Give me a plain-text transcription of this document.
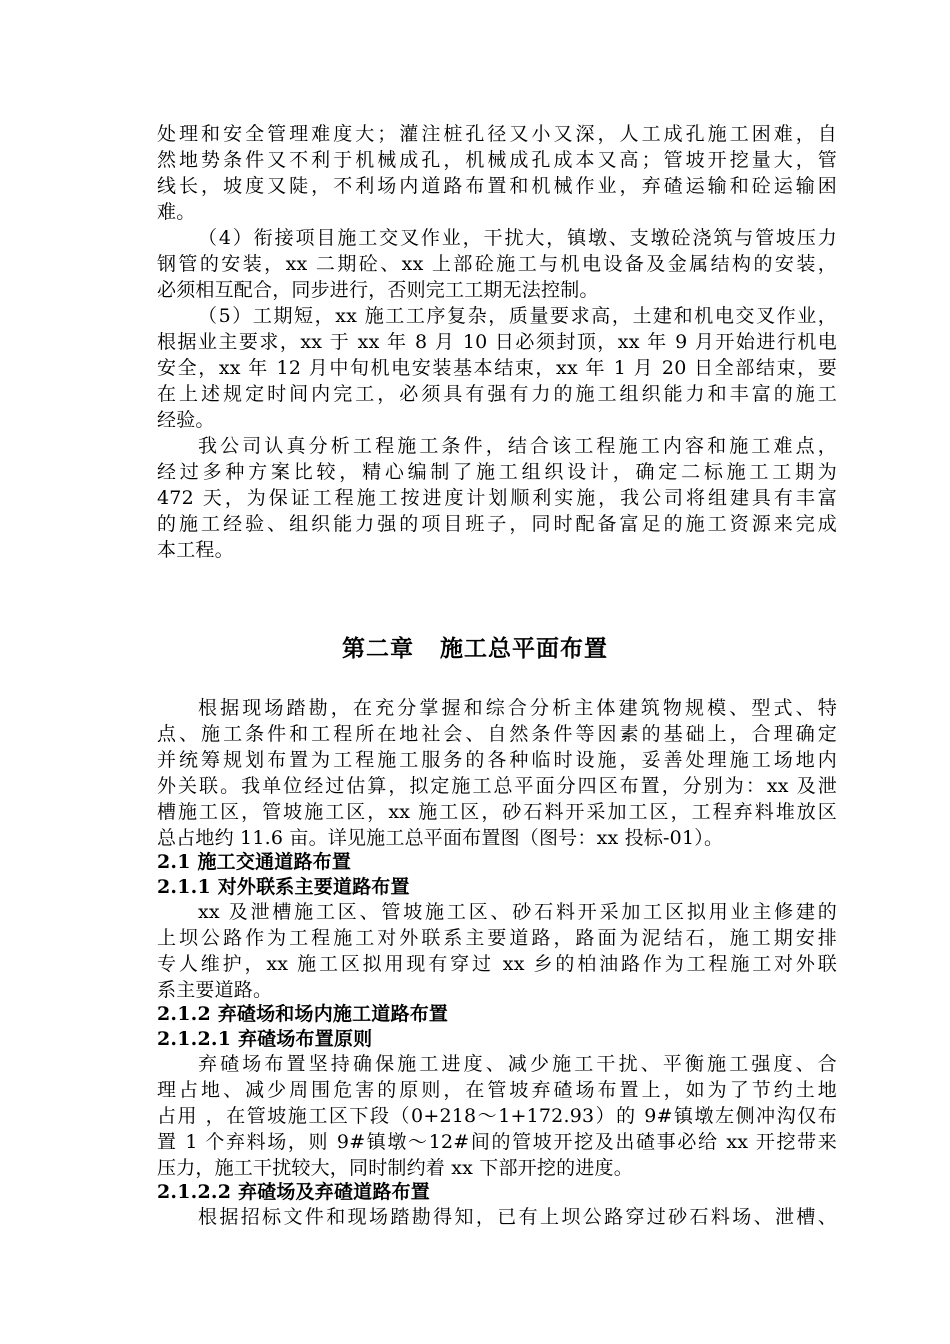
处理和安全管理难度大；灌注桩孔径又小又深，人工成孔施工困难，自
然地势条件又不利于机械成孔，机械成孔成本又高；管坡开挖量大，管
线长，坡度又陡，不利场内道路布置和机械作业，弃碴运输和砼运输困
难。
（4）衔接项目施工交叉作业，干扰大，镇墩、支墩砼浇筑与管坡压力
钢管的安装，xx 二期砼、xx 上部砼施工与机电设备及金属结构的安装，
必须相互配合，同步进行，否则完工工期无法控制。
（5）工期短，xx 施工工序复杂，质量要求高，土建和机电交叉作业，
根据业主要求，xx 于 xx 年 8 月 10 日必须封顶，xx 年 9 月开始进行机电
安全，xx 年 12 月中旬机电安装基本结束，xx 年 1 月 20 日全部结束，要
在上述规定时间内完工，必须具有强有力的施工组织能力和丰富的施工
经验。
我公司认真分析工程施工条件，结合该工程施工内容和施工难点，
经过多种方案比较，精心编制了施工组织设计，确定二标施工工期为
472 天，为保证工程施工按进度计划顺利实施，我公司将组建具有丰富
的施工经验、组织能力强的项目班子，同时配备富足的施工资源来完成
本工程。
第二章 施工总平面布置
根据现场踏勘，在充分掌握和综合分析主体建筑物规模、型式、特
点、施工条件和工程所在地社会、自然条件等因素的基础上，合理确定
并统筹规划布置为工程施工服务的各种临时设施，妥善处理施工场地内
外关联。我单位经过估算，拟定施工总平面分四区布置，分别为：xx 及泄
槽施工区，管坡施工区，xx 施工区，砂石料开采加工区，工程弃料堆放区
总占地约 11.6 亩。详见施工总平面布置图（图号：xx 投标-01）。
2.1 施工交通道路布置
2.1.1 对外联系主要道路布置
xx 及泄槽施工区、管坡施工区、砂石料开采加工区拟用业主修建的
上坝公路作为工程施工对外联系主要道路，路面为泥结石，施工期安排
专人维护，xx 施工区拟用现有穿过 xx 乡的柏油路作为工程施工对外联
系主要道路。
2.1.2 弃碴场和场内施工道路布置
2.1.2.1 弃碴场布置原则
弃碴场布置坚持确保施工进度、减少施工干扰、平衡施工强度、合
理占地、减少周围危害的原则，在管坡弃碴场布置上，如为了节约土地
占用 ，在管坡施工区下段（0+218～1+172.93）的 9#镇墩左侧冲沟仅布
置 1 个弃料场，则 9#镇墩～12#间的管坡开挖及出碴事必给 xx 开挖带来
压力，施工干扰较大，同时制约着 xx 下部开挖的进度。
2.1.2.2 弃碴场及弃碴道路布置
根据招标文件和现场踏勘得知，已有上坝公路穿过砂石料场、泄槽、
